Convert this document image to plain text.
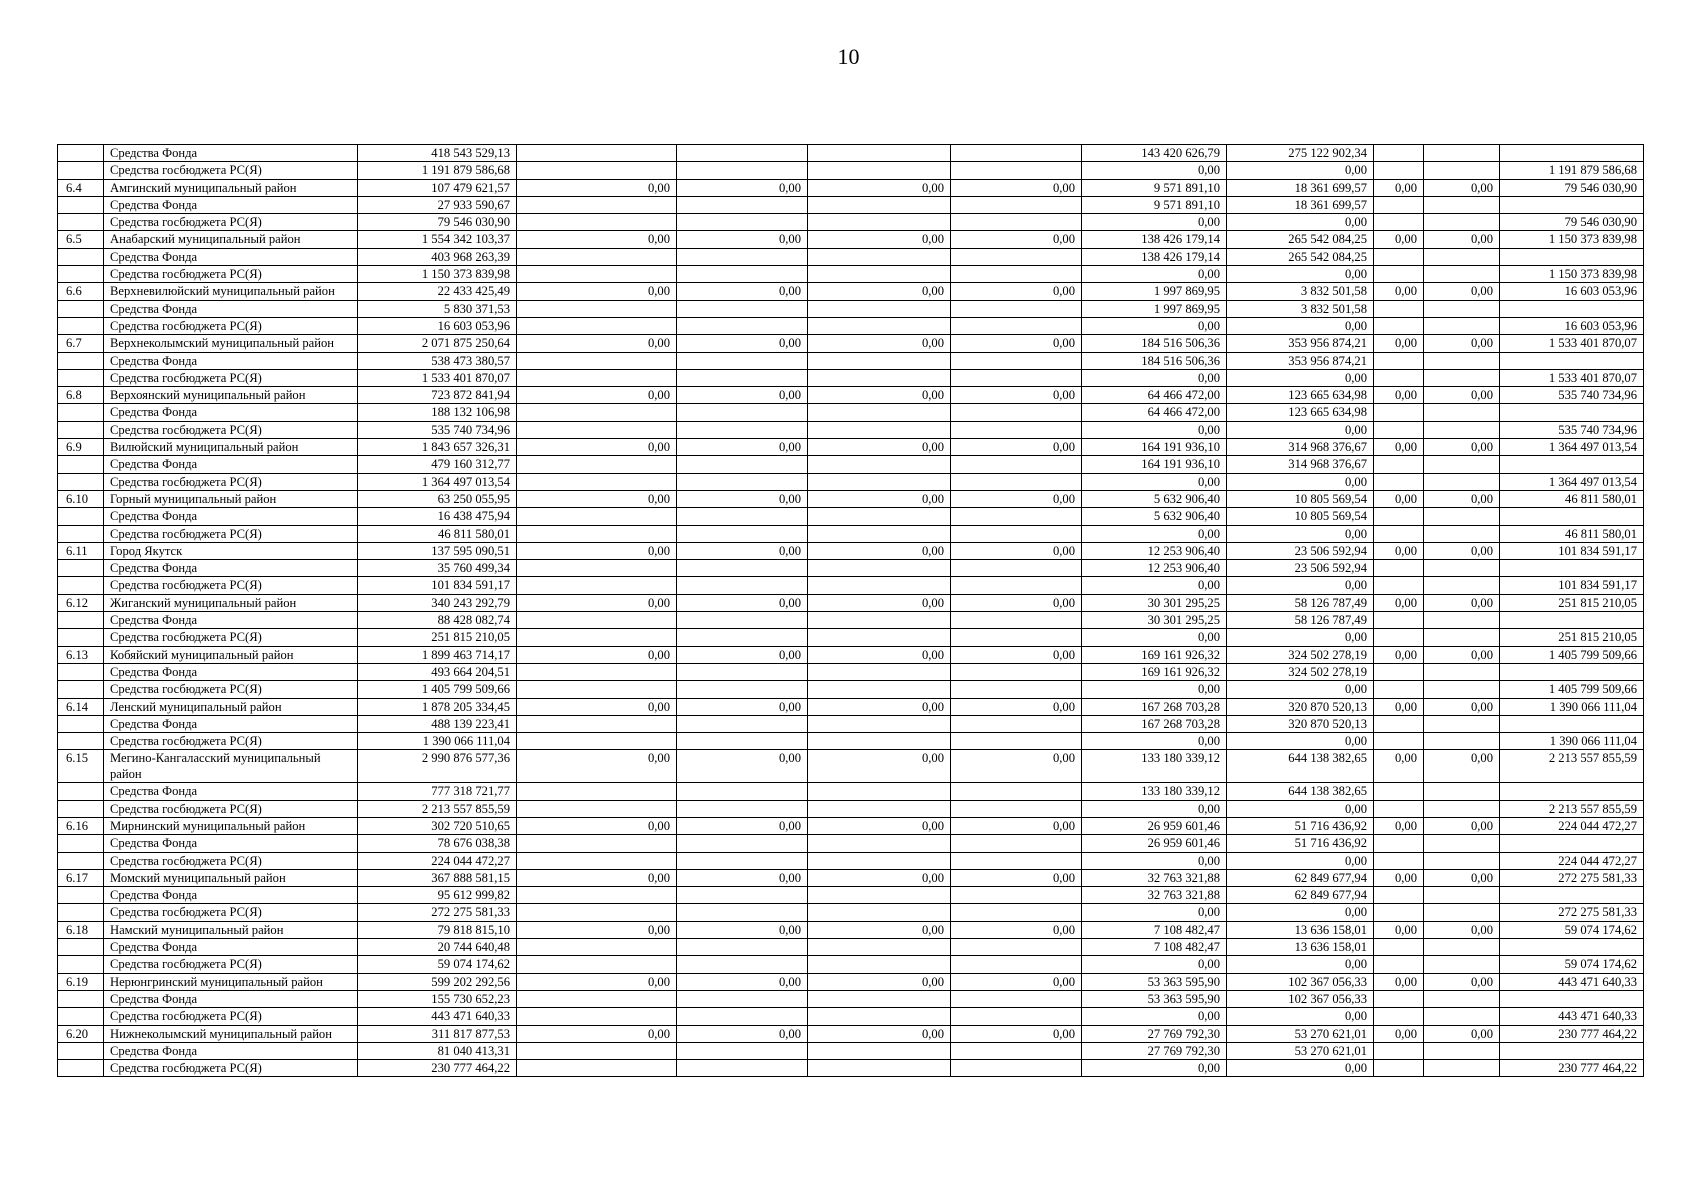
10
	Средства Фонда	418 543 529,13					143 420 626,79	275 122 902,34			
	Средства госбюджета РС(Я)	1 191 879 586,68					0,00	0,00			1 191 879 586,68
6.4	Амгинский муниципальный район	107 479 621,57	0,00	0,00	0,00	0,00	9 571 891,10	18 361 699,57	0,00	0,00	79 546 030,90
	Средства Фонда	27 933 590,67					9 571 891,10	18 361 699,57			
	Средства госбюджета РС(Я)	79 546 030,90					0,00	0,00			79 546 030,90
6.5	Анабарский муниципальный район	1 554 342 103,37	0,00	0,00	0,00	0,00	138 426 179,14	265 542 084,25	0,00	0,00	1 150 373 839,98
	Средства Фонда	403 968 263,39					138 426 179,14	265 542 084,25			
	Средства госбюджета РС(Я)	1 150 373 839,98					0,00	0,00			1 150 373 839,98
6.6	Верхневилюйский муниципальный район	22 433 425,49	0,00	0,00	0,00	0,00	1 997 869,95	3 832 501,58	0,00	0,00	16 603 053,96
	Средства Фонда	5 830 371,53					1 997 869,95	3 832 501,58			
	Средства госбюджета РС(Я)	16 603 053,96					0,00	0,00			16 603 053,96
6.7	Верхнеколымский муниципальный район	2 071 875 250,64	0,00	0,00	0,00	0,00	184 516 506,36	353 956 874,21	0,00	0,00	1 533 401 870,07
	Средства Фонда	538 473 380,57					184 516 506,36	353 956 874,21			
	Средства госбюджета РС(Я)	1 533 401 870,07					0,00	0,00			1 533 401 870,07
6.8	Верхоянский муниципальный район	723 872 841,94	0,00	0,00	0,00	0,00	64 466 472,00	123 665 634,98	0,00	0,00	535 740 734,96
	Средства Фонда	188 132 106,98					64 466 472,00	123 665 634,98			
	Средства госбюджета РС(Я)	535 740 734,96					0,00	0,00			535 740 734,96
6.9	Вилюйский муниципальный район	1 843 657 326,31	0,00	0,00	0,00	0,00	164 191 936,10	314 968 376,67	0,00	0,00	1 364 497 013,54
	Средства Фонда	479 160 312,77					164 191 936,10	314 968 376,67			
	Средства госбюджета РС(Я)	1 364 497 013,54					0,00	0,00			1 364 497 013,54
6.10	Горный муниципальный район	63 250 055,95	0,00	0,00	0,00	0,00	5 632 906,40	10 805 569,54	0,00	0,00	46 811 580,01
	Средства Фонда	16 438 475,94					5 632 906,40	10 805 569,54			
	Средства госбюджета РС(Я)	46 811 580,01					0,00	0,00			46 811 580,01
6.11	Город Якутск	137 595 090,51	0,00	0,00	0,00	0,00	12 253 906,40	23 506 592,94	0,00	0,00	101 834 591,17
	Средства Фонда	35 760 499,34					12 253 906,40	23 506 592,94			
	Средства госбюджета РС(Я)	101 834 591,17					0,00	0,00			101 834 591,17
6.12	Жиганский муниципальный район	340 243 292,79	0,00	0,00	0,00	0,00	30 301 295,25	58 126 787,49	0,00	0,00	251 815 210,05
	Средства Фонда	88 428 082,74					30 301 295,25	58 126 787,49			
	Средства госбюджета РС(Я)	251 815 210,05					0,00	0,00			251 815 210,05
6.13	Кобяйский муниципальный район	1 899 463 714,17	0,00	0,00	0,00	0,00	169 161 926,32	324 502 278,19	0,00	0,00	1 405 799 509,66
	Средства Фонда	493 664 204,51					169 161 926,32	324 502 278,19			
	Средства госбюджета РС(Я)	1 405 799 509,66					0,00	0,00			1 405 799 509,66
6.14	Ленский муниципальный район	1 878 205 334,45	0,00	0,00	0,00	0,00	167 268 703,28	320 870 520,13	0,00	0,00	1 390 066 111,04
	Средства Фонда	488 139 223,41					167 268 703,28	320 870 520,13			
	Средства госбюджета РС(Я)	1 390 066 111,04					0,00	0,00			1 390 066 111,04
6.15	Мегино-Кангаласский муниципальный район	2 990 876 577,36	0,00	0,00	0,00	0,00	133 180 339,12	644 138 382,65	0,00	0,00	2 213 557 855,59
	Средства Фонда	777 318 721,77					133 180 339,12	644 138 382,65			
	Средства госбюджета РС(Я)	2 213 557 855,59					0,00	0,00			2 213 557 855,59
6.16	Мирнинский муниципальный район	302 720 510,65	0,00	0,00	0,00	0,00	26 959 601,46	51 716 436,92	0,00	0,00	224 044 472,27
	Средства Фонда	78 676 038,38					26 959 601,46	51 716 436,92			
	Средства госбюджета РС(Я)	224 044 472,27					0,00	0,00			224 044 472,27
6.17	Момский муниципальный район	367 888 581,15	0,00	0,00	0,00	0,00	32 763 321,88	62 849 677,94	0,00	0,00	272 275 581,33
	Средства Фонда	95 612 999,82					32 763 321,88	62 849 677,94			
	Средства госбюджета РС(Я)	272 275 581,33					0,00	0,00			272 275 581,33
6.18	Намский муниципальный район	79 818 815,10	0,00	0,00	0,00	0,00	7 108 482,47	13 636 158,01	0,00	0,00	59 074 174,62
	Средства Фонда	20 744 640,48					7 108 482,47	13 636 158,01			
	Средства госбюджета РС(Я)	59 074 174,62					0,00	0,00			59 074 174,62
6.19	Нерюнгринский муниципальный район	599 202 292,56	0,00	0,00	0,00	0,00	53 363 595,90	102 367 056,33	0,00	0,00	443 471 640,33
	Средства Фонда	155 730 652,23					53 363 595,90	102 367 056,33			
	Средства госбюджета РС(Я)	443 471 640,33					0,00	0,00			443 471 640,33
6.20	Нижнеколымский муниципальный район	311 817 877,53	0,00	0,00	0,00	0,00	27 769 792,30	53 270 621,01	0,00	0,00	230 777 464,22
	Средства Фонда	81 040 413,31					27 769 792,30	53 270 621,01			
	Средства госбюджета РС(Я)	230 777 464,22					0,00	0,00			230 777 464,22
